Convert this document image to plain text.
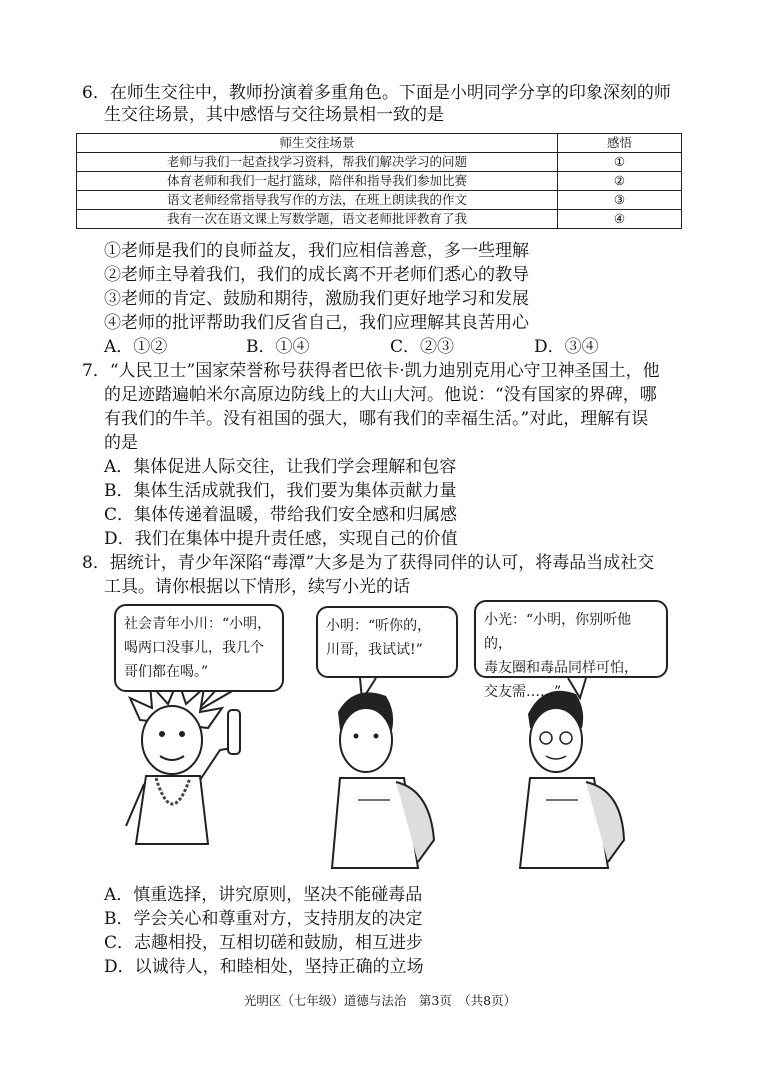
6．在师生交往中，教师扮演着多重角色。下面是小明同学分享的印象深刻的师
生交往场景，其中感悟与交往场景相一致的是
师生交往场景	感悟
老师与我们一起查找学习资料，帮我们解决学习的问题	①
体育老师和我们一起打篮球，陪伴和指导我们参加比赛	②
语文老师经常指导我写作的方法，在班上朗读我的作文	③
我有一次在语文课上写数学题，语文老师批评教育了我	④
①老师是我们的良师益友，我们应相信善意，多一些理解
②老师主导着我们，我们的成长离不开老师们悉心的教导
③老师的肯定、鼓励和期待，激励我们更好地学习和发展
④老师的批评帮助我们反省自己，我们应理解其良苦用心
A．①②	B．①④	C．②③	D．③④
7．“人民卫士”国家荣誉称号获得者巴依卡·凯力迪别克用心守卫神圣国土，他
的足迹踏遍帕米尔高原边防线上的大山大河。他说：“没有国家的界碑，哪
有我们的牛羊。没有祖国的强大，哪有我们的幸福生活。”对此，理解有误
的是
A．集体促进人际交往，让我们学会理解和包容
B．集体生活成就我们，我们要为集体贡献力量
C．集体传递着温暖，带给我们安全感和归属感
D．我们在集体中提升责任感，实现自己的价值
8．据统计，青少年深陷“毒潭”大多是为了获得同伴的认可，将毒品当成社交
工具。请你根据以下情形，续写小光的话
社会青年小川：“小明，
喝两口没事儿，我几个
哥们都在喝。”
小明：“听你的，
川哥，我试试!”
小光：“小明，你别听他的，
毒友圈和毒品同样可怕，
交友需……”
A．慎重选择，讲究原则，坚决不能碰毒品
B．学会关心和尊重对方，支持朋友的决定
C．志趣相投，互相切磋和鼓励，相互进步
D．以诚待人，和睦相处，坚持正确的立场
光明区（七年级）道德与法治　第3页　（共8页）
